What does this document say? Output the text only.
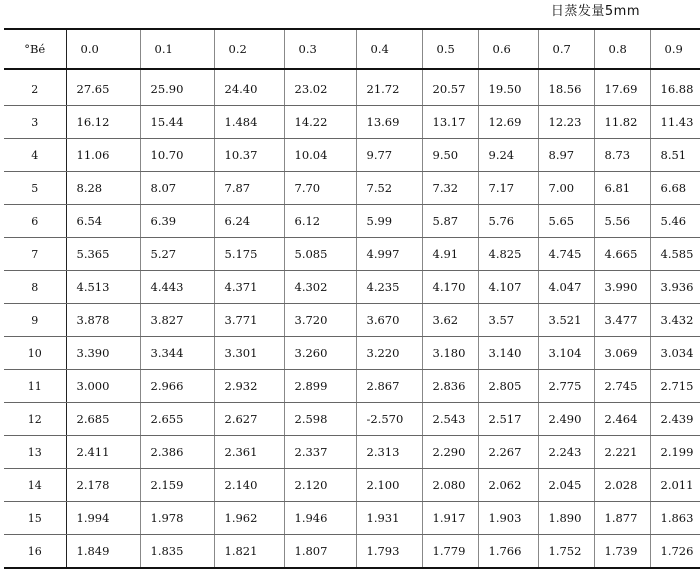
日蒸发量5mm
°Bé	0.0	0.1	0.2	0.3	0.4	0.5	0.6	0.7	0.8	0.9
2	27.65	25.90	24.40	23.02	21.72	20.57	19.50	18.56	17.69	16.88
3	16.12	15.44	1.484	14.22	13.69	13.17	12.69	12.23	11.82	11.43
4	11.06	10.70	10.37	10.04	9.77	9.50	9.24	8.97	8.73	8.51
5	8.28	8.07	7.87	7.70	7.52	7.32	7.17	7.00	6.81	6.68
6	6.54	6.39	6.24	6.12	5.99	5.87	5.76	5.65	5.56	5.46
7	5.365	5.27	5.175	5.085	4.997	4.91	4.825	4.745	4.665	4.585
8	4.513	4.443	4.371	4.302	4.235	4.170	4.107	4.047	3.990	3.936
9	3.878	3.827	3.771	3.720	3.670	3.62	3.57	3.521	3.477	3.432
10	3.390	3.344	3.301	3.260	3.220	3.180	3.140	3.104	3.069	3.034
11	3.000	2.966	2.932	2.899	2.867	2.836	2.805	2.775	2.745	2.715
12	2.685	2.655	2.627	2.598	-2.570	2.543	2.517	2.490	2.464	2.439
13	2.411	2.386	2.361	2.337	2.313	2.290	2.267	2.243	2.221	2.199
14	2.178	2.159	2.140	2.120	2.100	2.080	2.062	2.045	2.028	2.011
15	1.994	1.978	1.962	1.946	1.931	1.917	1.903	1.890	1.877	1.863
16	1.849	1.835	1.821	1.807	1.793	1.779	1.766	1.752	1.739	1.726
